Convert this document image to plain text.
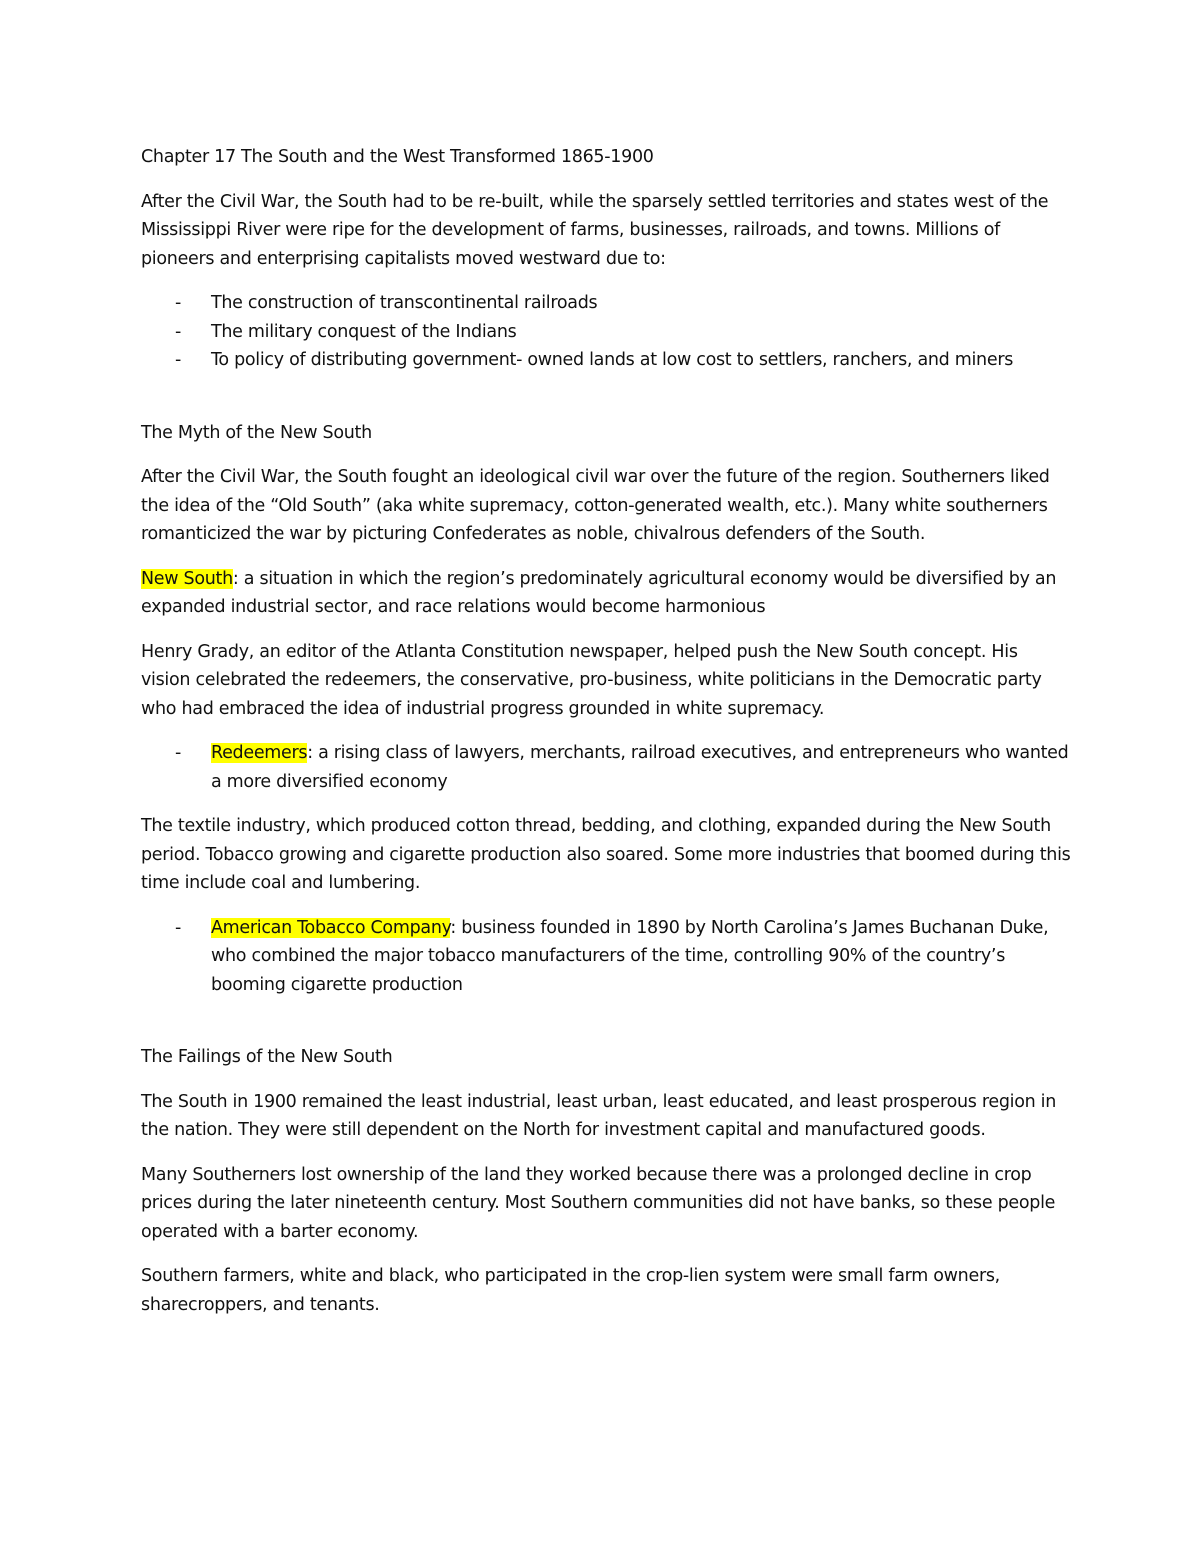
Chapter 17 The South and the West Transformed 1865-1900

After the Civil War, the South had to be re-built, while the sparsely settled territories and states west of the Mississippi River were ripe for the development of farms, businesses, railroads, and towns. Millions of pioneers and enterprising capitalists moved westward due to:

- The construction of transcontinental railroads
- The military conquest of the Indians
- To policy of distributing government- owned lands at low cost to settlers, ranchers, and miners

The Myth of the New South

After the Civil War, the South fought an ideological civil war over the future of the region. Southerners liked the idea of the “Old South” (aka white supremacy, cotton-generated wealth, etc.). Many white southerners romanticized the war by picturing Confederates as noble, chivalrous defenders of the South.

New South: a situation in which the region’s predominately agricultural economy would be diversified by an expanded industrial sector, and race relations would become harmonious

Henry Grady, an editor of the Atlanta Constitution newspaper, helped push the New South concept. His vision celebrated the redeemers, the conservative, pro-business, white politicians in the Democratic party who had embraced the idea of industrial progress grounded in white supremacy.

- Redeemers: a rising class of lawyers, merchants, railroad executives, and entrepreneurs who wanted a more diversified economy

The textile industry, which produced cotton thread, bedding, and clothing, expanded during the New South period. Tobacco growing and cigarette production also soared. Some more industries that boomed during this time include coal and lumbering.

- American Tobacco Company: business founded in 1890 by North Carolina’s James Buchanan Duke, who combined the major tobacco manufacturers of the time, controlling 90% of the country’s booming cigarette production

The Failings of the New South

The South in 1900 remained the least industrial, least urban, least educated, and least prosperous region in the nation. They were still dependent on the North for investment capital and manufactured goods.

Many Southerners lost ownership of the land they worked because there was a prolonged decline in crop prices during the later nineteenth century. Most Southern communities did not have banks, so these people operated with a barter economy.

Southern farmers, white and black, who participated in the crop-lien system were small farm owners, sharecroppers, and tenants.
